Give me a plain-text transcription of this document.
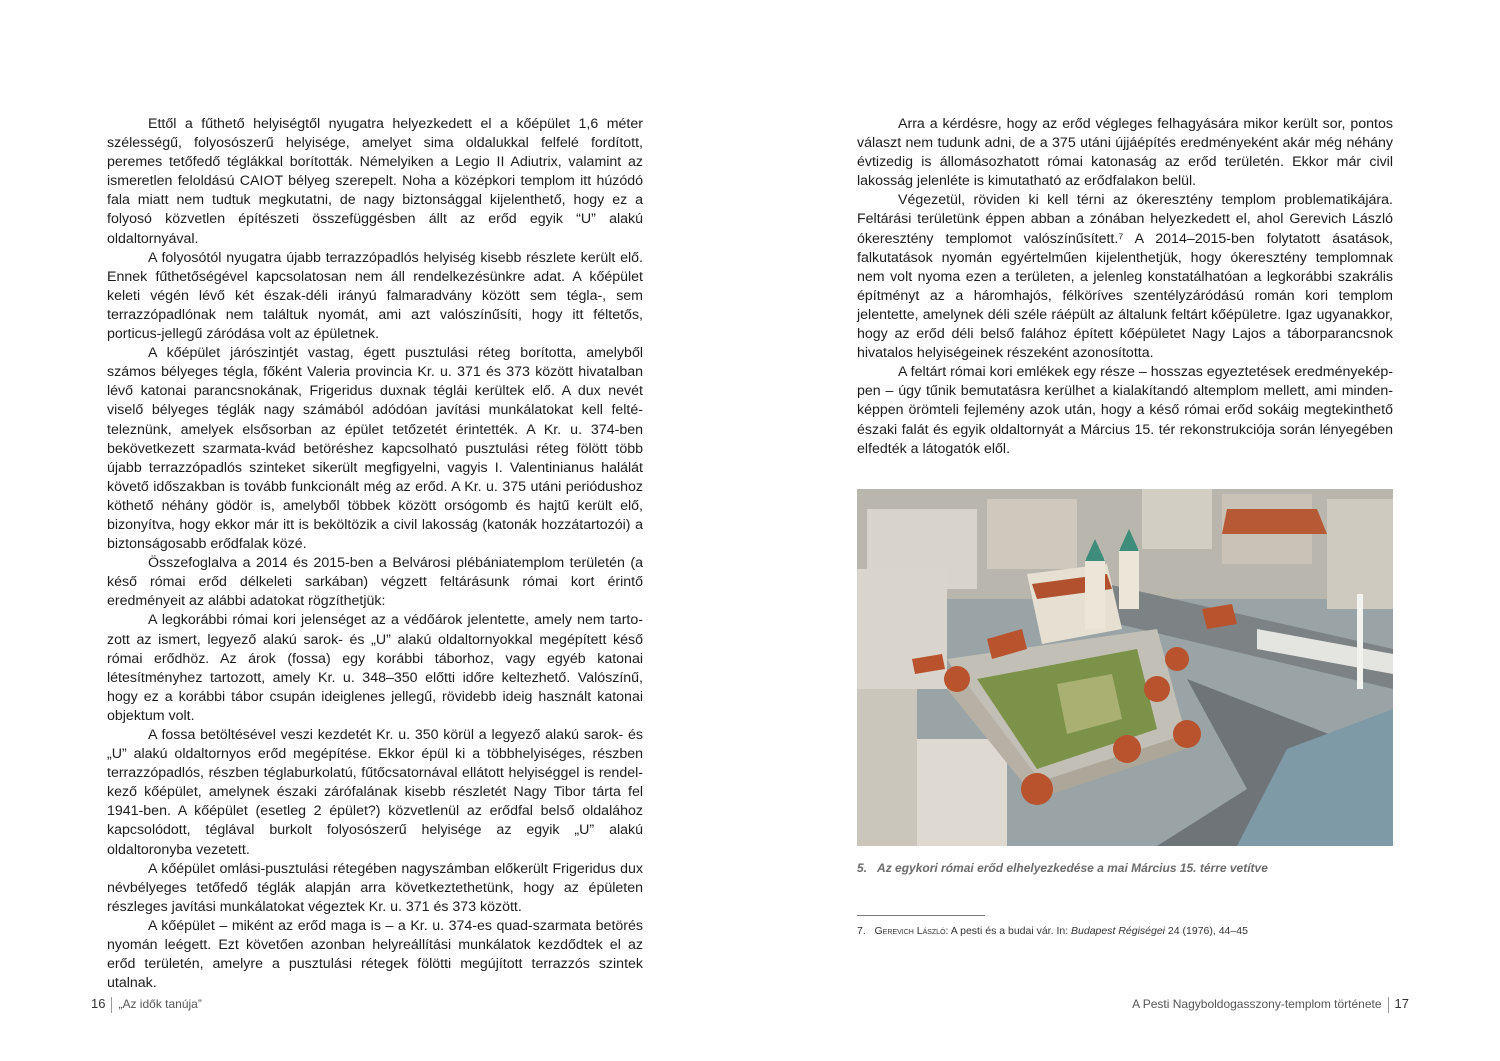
Ettől a fűthető helyiségtől nyugatra helyezkedett el a kőépület 1,6 méter szélességű, folyosószerű helyisége, amelyet sima oldalukkal felfelé fordított, peremes tetőfedő téglákkal borították. Némelyiken a Legio II Adiutrix, valamint az ismeretlen feloldású CAIOT bélyeg szerepelt. Noha a középkori templom itt húzódó fala miatt nem tudtuk megkutatni, de nagy biztonsággal kijelenthető, hogy ez a folyosó közvetlen építészeti összefüggésben állt az erőd egyik “U” alakú oldaltornyával.

A folyosótól nyugatra újabb terrazzópadlós helyiség kisebb részlete került elő. Ennek fűthetőségével kapcsolatosan nem áll rendelkezésünkre adat. A kőépület keleti végén lévő két észak-déli irányú falmaradvány között sem tégla-, sem terrazzópadlónak nem találtuk nyomát, ami azt valószínűsíti, hogy itt féltetős, porticus-jellegű záródása volt az épületnek.

A kőépület járószintjét vastag, égett pusztulási réteg borította, amelyből számos bélyeges tégla, főként Valeria provincia Kr. u. 371 és 373 között hivatalban lévő katonai parancsnokának, Frigeridus duxnak téglái kerültek elő. A dux nevét viselő bélyeges téglák nagy számából adódóan javítási munkálatokat kell feltételeznünk, amelyek elsősorban az épület tetőzetét érintették. A Kr. u. 374-ben bekövetkezett szarmata-kvád betöréshez kapcsolható pusztulási réteg fölött több újabb terrazzópadlós szinteket sikerült megfigyelni, vagyis I. Valentinianus halálát követő időszakban is tovább funkcionált még az erőd. A Kr. u. 375 utáni periódushoz köthető néhány gödör is, amelyből többek között orsógomb és hajtű került elő, bizonyítva, hogy ekkor már itt is beköltözik a civil lakosság (katonák hozzátartozói) a biztonságosabb erődfalak közé.

Összefoglalva a 2014 és 2015-ben a Belvárosi plébániatemplom területén (a késő római erőd délkeleti sarkában) végzett feltárásunk római kort érintő eredményeit az alábbi adatokat rögzíthetjük:

A legkorábbi római kori jelenséget az a védőárok jelentette, amely nem tartozott az ismert, legyező alakú sarok- és „U” alakú oldaltornyokkal megépített késő római erődhöz. Az árok (fossa) egy korábbi táborhoz, vagy egyéb katonai létesítményhez tartozott, amely Kr. u. 348–350 előtti időre keltezhető. Valószínű, hogy ez a korábbi tábor csupán ideiglenes jellegű, rövidebb ideig használt katonai objektum volt.

A fossa betöltésével veszi kezdetét Kr. u. 350 körül a legyező alakú sarok- és „U” alakú oldaltornyos erőd megépítése. Ekkor épül ki a többhelyiséges, részben terrazzópadlós, részben téglaburkolatú, fűtőcsatornával ellátott helyiséggel is rendelkező kőépület, amelynek északi zárófalának kisebb részletét Nagy Tibor tárta fel 1941-ben. A kőépület (esetleg 2 épület?) közvetlenül az erődfal belső oldalához kapcsolódott, téglával burkolt folyosószerű helyisége az egyik „U” alakú oldaltoronyba vezetett.

A kőépület omlási-pusztulási rétegében nagyszámban előkerült Frigeridus dux névbélyeges tetőfedő téglák alapján arra következtethetünk, hogy az épületen részleges javítási munkálatokat végeztek Kr. u. 371 és 373 között.

A kőépület – miként az erőd maga is – a Kr. u. 374-es quad-szarmata betörés nyomán leégett. Ezt követően azonban helyreállítási munkálatok kezdődtek el az erőd területén, amelyre a pusztulási rétegek fölötti megújított terrazzós szintek utalnak.

16 „Az idők tanúja”

Arra a kérdésre, hogy az erőd végleges felhagyására mikor került sor, pontos választ nem tudunk adni, de a 375 utáni újjáépítés eredményeként akár még néhány évtizedig is állomásozhatott római katonaság az erőd területén. Ekkor már civil lakosság jelenléte is kimutatható az erődfalakon belül.

Végezetül, röviden ki kell térni az ókeresztény templom problematikájára. Feltárási területünk éppen abban a zónában helyezkedett el, ahol Gerevich László ókeresztény templomot valószínűsített.⁷ A 2014–2015-ben folytatott ásatások, falkutatások nyomán egyértelműen kijelenthetjük, hogy ókeresztény templomnak nem volt nyoma ezen a területen, a jelenleg konstatálhatóan a legkorábbi szakrális építményt az a háromhajós, félköríves szentélyzáródású román kori templom jelentette, amelynek déli széle ráépült az általunk feltárt kőépületre. Igaz ugyanakkor, hogy az erőd déli belső falához épített kőépületet Nagy Lajos a táborparancsnok hivatalos helyiségeinek részeként azonosította.

A feltárt római kori emlékek egy része – hosszas egyeztetések eredményeképpen – úgy tűnik bemutatásra kerülhet a kialakítandó altemplom mellett, ami mindenképpen örömteli fejlemény azok után, hogy a késő római erőd sokáig megtekinthető északi falát és egyik oldaltornyát a Március 15. tér rekonstrukciója során lényegében elfedték a látogatók elől.

5. Az egykori római erőd elhelyezkedése a mai Március 15. térre vetítve
7. Gerevich László: A pesti és a budai vár. In: Budapest Régiségei 24 (1976), 44–45
A Pesti Nagyboldogasszony-templom története 17
